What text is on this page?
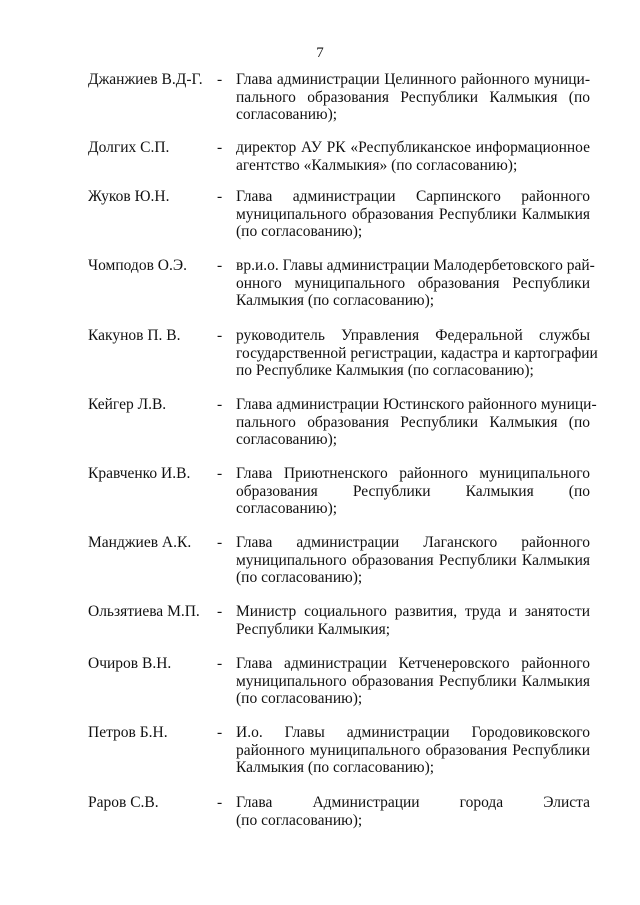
7
Джанжиев В.Д-Г. - Глава администрации Целинного районного муници-
пального образования Республики Калмыкия (по
согласованию);
Долгих С.П.	- директор АУ РК «Республиканское информационное
агентство «Калмыкия» (по согласованию);
Жуков Ю.Н.	- Глава администрации Сарпинского районного
муниципального образования Республики Калмыкия
(по согласованию);
Чомподов О.Э. - вр.и.о. Главы администрации Малодербетовского рай-
онного муниципального образования Республики
Калмыкия (по согласованию);
Какунов П. В. - руководитель Управления Федеральной службы
государственной регистрации, кадастра и картографии
по Республике Калмыкия (по согласованию);
Кейгер Л.В.	- Глава администрации Юстинского районного муници-
пального образования Республики Калмыкия (по
согласованию);
Кравченко И.В. - Глава Приютненского районного муниципального
образования Республики Калмыкия (по
согласованию);
Манджиев А.К. - Глава администрации Лаганского районного
муниципального образования Республики Калмыкия
(по согласованию);
Ользятиева М.П. - Министр социального развития, труда и занятости
Республики Калмыкия;
Очиров В.Н.	- Глава администрации Кетченеровского районного
муниципального образования Республики Калмыкия
(по согласованию);
Петров Б.Н.	- И.о. Главы администрации Городовиковского
районного муниципального образования Республики
Калмыкия (по согласованию);
Раров С.В.	- Глава Администрации города Элиста
(по согласованию);
